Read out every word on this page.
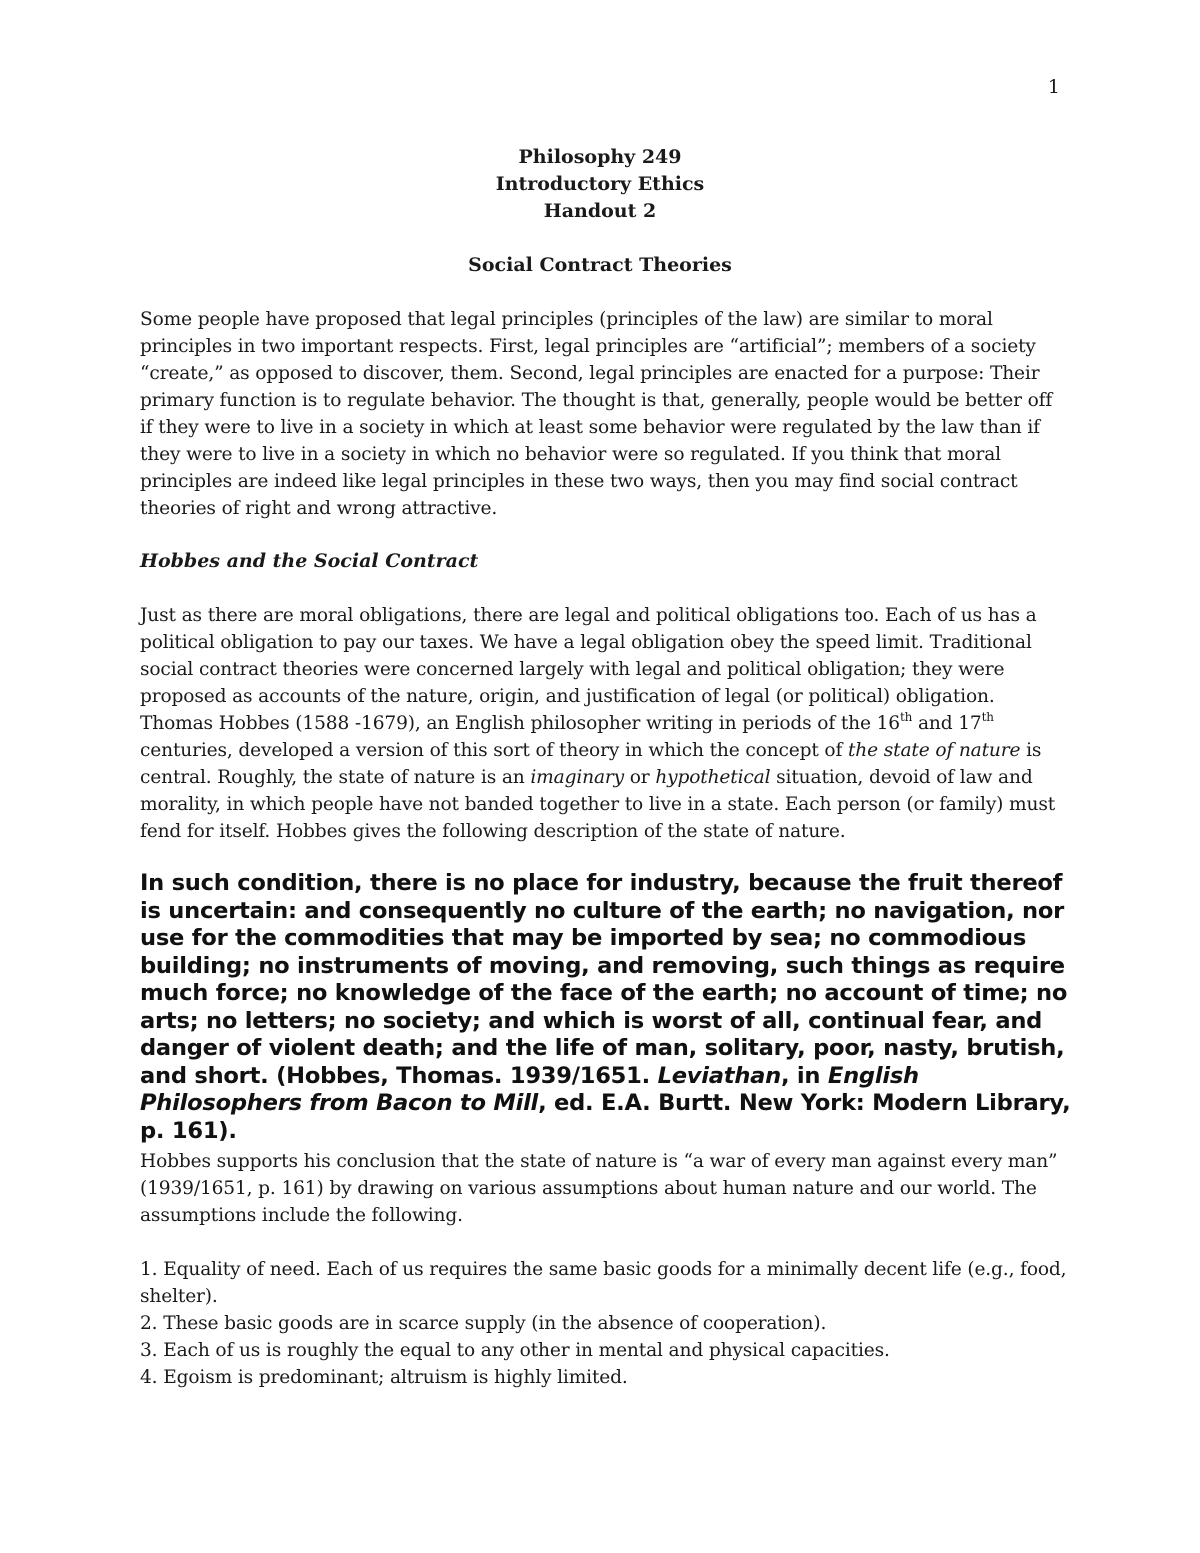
1
Philosophy 249
Introductory Ethics
Handout 2
Social Contract Theories
Some people have proposed that legal principles (principles of the law) are similar to moral principles in two important respects. First, legal principles are “artificial”; members of a society “create,” as opposed to discover, them. Second, legal principles are enacted for a purpose: Their primary function is to regulate behavior. The thought is that, generally, people would be better off if they were to live in a society in which at least some behavior were regulated by the law than if they were to live in a society in which no behavior were so regulated. If you think that moral principles are indeed like legal principles in these two ways, then you may find social contract theories of right and wrong attractive.
Hobbes and the Social Contract
Just as there are moral obligations, there are legal and political obligations too. Each of us has a political obligation to pay our taxes. We have a legal obligation obey the speed limit. Traditional social contract theories were concerned largely with legal and political obligation; they were proposed as accounts of the nature, origin, and justification of legal (or political) obligation. Thomas Hobbes (1588 -1679), an English philosopher writing in periods of the 16th and 17th centuries, developed a version of this sort of theory in which the concept of the state of nature is central. Roughly, the state of nature is an imaginary or hypothetical situation, devoid of law and morality, in which people have not banded together to live in a state. Each person (or family) must fend for itself. Hobbes gives the following description of the state of nature.
In such condition, there is no place for industry, because the fruit thereof is uncertain: and consequently no culture of the earth; no navigation, nor use for the commodities that may be imported by sea; no commodious building; no instruments of moving, and removing, such things as require much force; no knowledge of the face of the earth; no account of time; no arts; no letters; no society; and which is worst of all, continual fear, and danger of violent death; and the life of man, solitary, poor, nasty, brutish, and short. (Hobbes, Thomas. 1939/1651. Leviathan, in English Philosophers from Bacon to Mill, ed. E.A. Burtt. New York: Modern Library, p. 161).
Hobbes supports his conclusion that the state of nature is “a war of every man against every man” (1939/1651, p. 161) by drawing on various assumptions about human nature and our world. The assumptions include the following.
1. Equality of need. Each of us requires the same basic goods for a minimally decent life (e.g., food, shelter).
2. These basic goods are in scarce supply (in the absence of cooperation).
3. Each of us is roughly the equal to any other in mental and physical capacities.
4. Egoism is predominant; altruism is highly limited.
